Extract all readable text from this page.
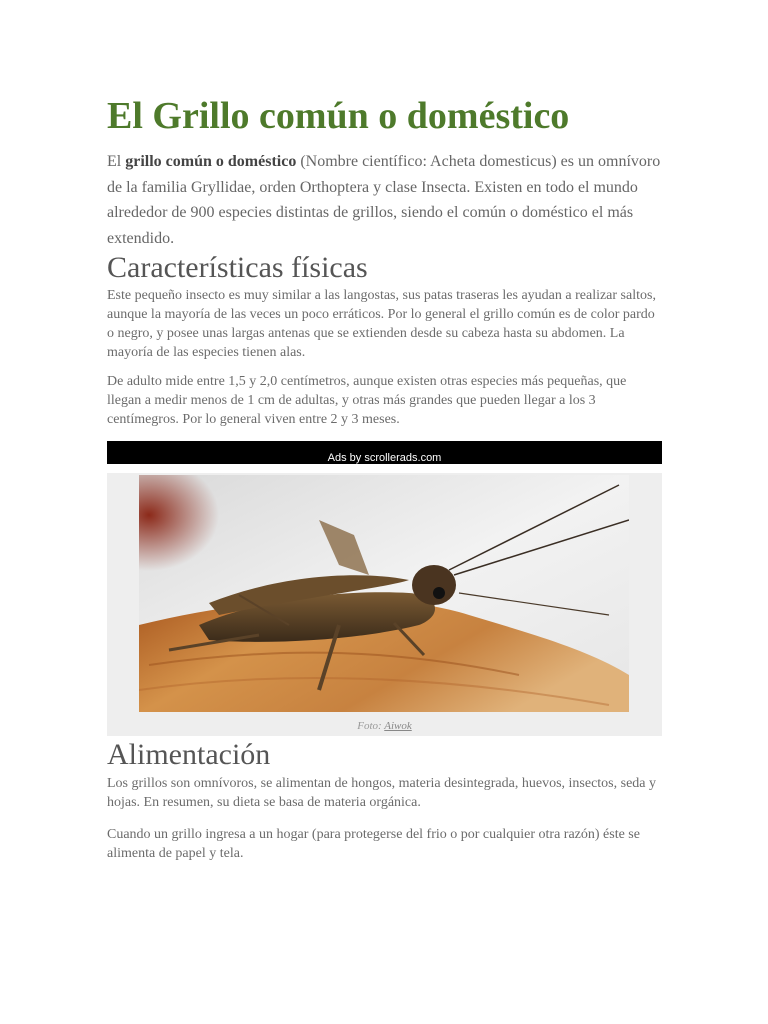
El Grillo común o doméstico

El grillo común o doméstico (Nombre científico: Acheta domesticus) es un omnívoro de la familia Gryllidae, orden Orthoptera y clase Insecta. Existen en todo el mundo alrededor de 900 especies distintas de grillos, siendo el común o doméstico el más extendido.

Características físicas

Este pequeño insecto es muy similar a las langostas, sus patas traseras les ayudan a realizar saltos, aunque la mayoría de las veces un poco erráticos. Por lo general el grillo común es de color pardo o negro, y posee unas largas antenas que se extienden desde su cabeza hasta su abdomen. La mayoría de las especies tienen alas.

De adulto mide entre 1,5 y 2,0 centímetros, aunque existen otras especies más pequeñas, que llegan a medir menos de 1 cm de adultas, y otras más grandes que pueden llegar a los 3 centímegros. Por lo general viven entre 2 y 3 meses.

Ads by scrollerads.com
Foto: Aiwok
Alimentación

Los grillos son omnívoros, se alimentan de hongos, materia desintegrada, huevos, insectos, seda y hojas. En resumen, su dieta se basa de materia orgánica.

Cuando un grillo ingresa a un hogar (para protegerse del frio o por cualquier otra razón) éste se alimenta de papel y tela.
